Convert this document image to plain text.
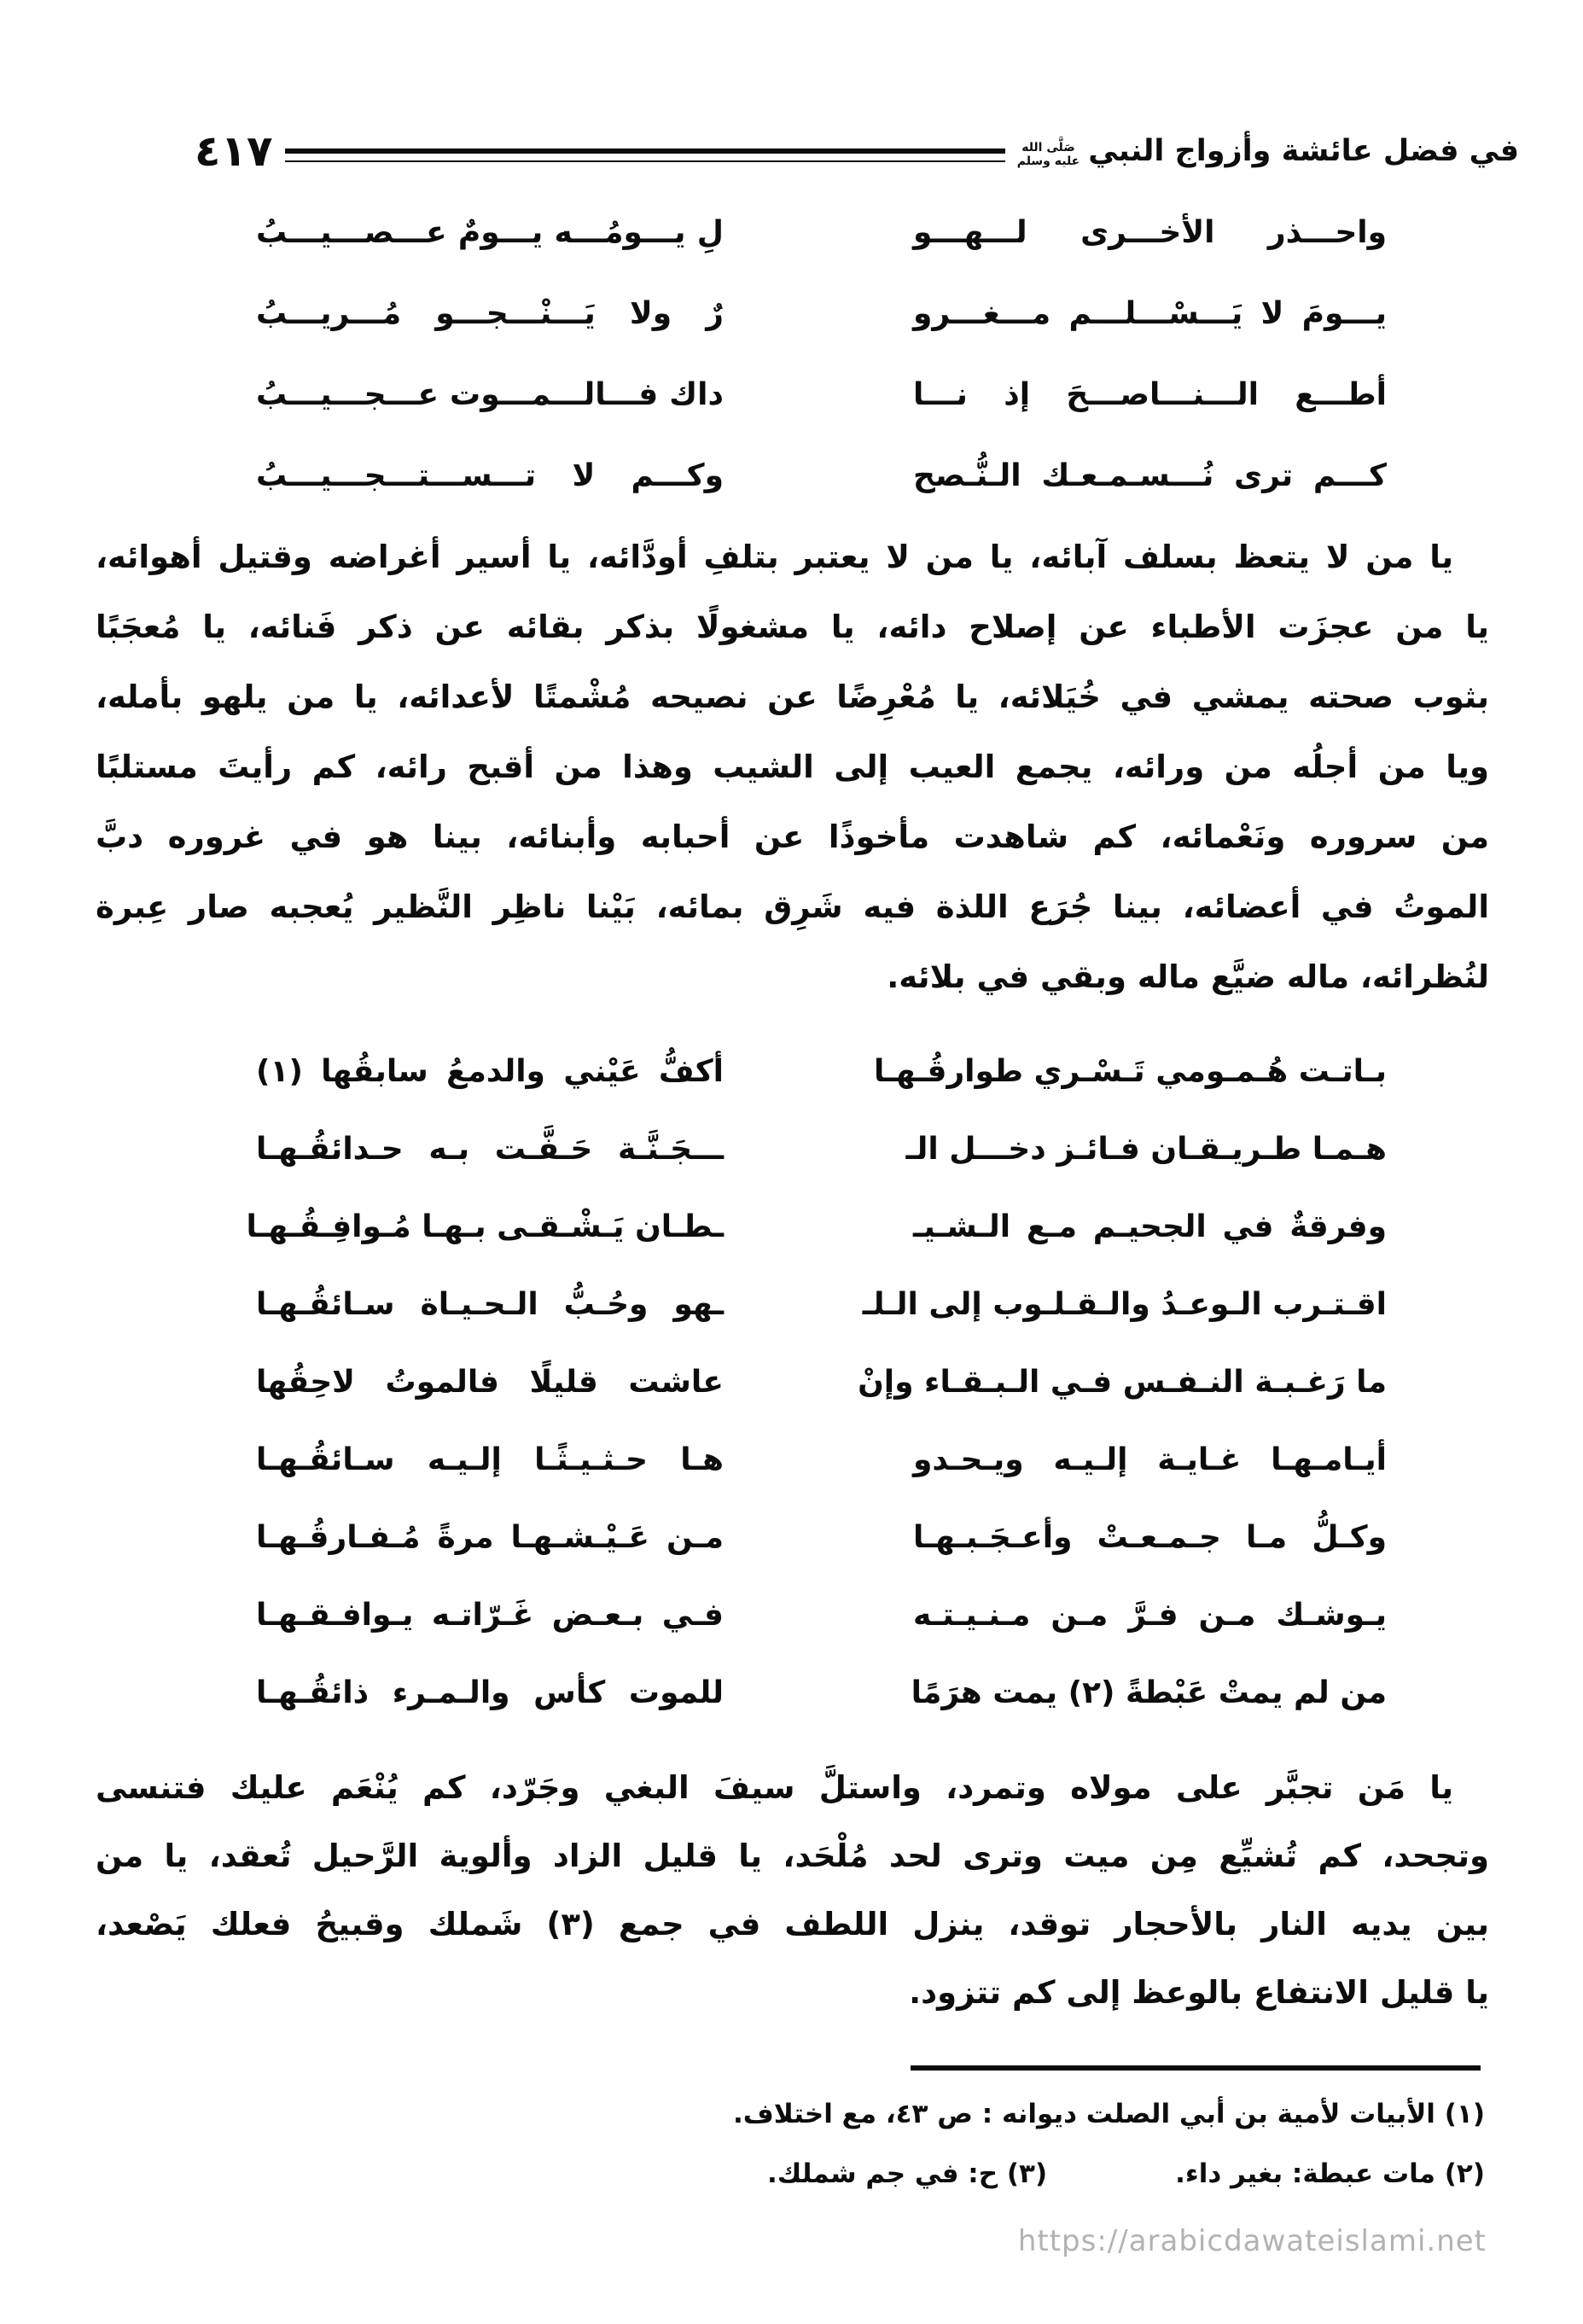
في فضل عائشة وأزواج النبي
صَلَّى الله
عليه وسلم
٤١٧
واحـــذر الأخـــرى لـــهـــو
لِ يـــومُـــه يـــومٌ عـــصـــيـــبُ
يـــومَ لا يَـــسْـــلـــم مـــغـــرو
رٌ ولا يَـــنْـــجـــو مُـــريـــبُ
أطـــع الـــنـــاصـــحَ إذ نـــا
داك فـــالـــمـــوت عـــجـــيـــبُ
كـــم ترى نُـــسـمـعـك الـنُّـصح
وكـــم لا تـــســـتـــجـــيـــبُ
يا من لا يتعظ بسلف آبائه، يا من لا يعتبر بتلفِ أودَّائه، يا أسير أغراضه وقتيل أهوائه،
يا من عجزَت الأطباء عن إصلاح دائه، يا مشغولًا بذكر بقائه عن ذكر فَنائه، يا مُعجَبًا
بثوب صحته يمشي في خُيَلائه، يا مُعْرِضًا عن نصيحه مُشْمتًا لأعدائه، يا من يلهو بأمله،
ويا من أجلُه من ورائه، يجمع العيب إلى الشيب وهذا من أقبح رائه، كم رأيتَ مستلبًا
من سروره ونَعْمائه، كم شاهدت مأخوذًا عن أحبابه وأبنائه، بينا هو في غروره دبَّ
الموتُ في أعضائه، بينا جُرَع اللذة فيه شَرِق بمائه، بَيْنا ناظِر النَّظير يُعجبه صار عِبرة
لنُظرائه، ماله ضيَّع ماله وبقي في بلائه.
بـاتـت هُـمـومي تَـسْـري طوارقُـهـا
أكفُّ عَيْني والدمعُ سابقُها (١)
هـمـا طـريـقـان فـائـز دخـــل الـ
ـــجَـنَّـة حَـفَّـت بـه حـدائقُـهـا
وفرقةٌ في الجحيـم مـع الـشـيـ
ـطـان يَـشْـقـى بـهـا مُـوافِـقُـهـا
اقـتـرب الـوعـدُ والـقـلـوب إلى الـلـ
ـهو وحُـبُّ الـحـيـاة سـائقُـهـا
ما رَغـبـة النـفـس فـي الـبـقـاء وإنْ
عاشت قليلًا فالموتُ لاحِقُها
أيـامـهـا غـايـة إلـيـه ويـحـدو
هـا حـثـيـثًـا إلـيـه سـائقُـهـا
وكـلُّ مـا جـمـعـتْ وأعـجَـبـهـا
مـن عَـيْـشـهـا مرةً مُـفـارقُـهـا
يـوشـك مـن فـرَّ مـن مـنـيـتـه
فـي بـعـض غَـرّاتـه يـوافـقـهـا
من لم يمتْ عَبْطةً (٢) يمت هرَمًا
للموت كأس والـمـرء ذائقُـهـا
يا مَن تجبَّر على مولاه وتمرد، واستلَّ سيفَ البغي وجَرّد، كم يُنْعَم عليك فتنسى
وتجحد، كم تُشيِّع مِن ميت وترى لحد مُلْحَد، يا قليل الزاد وألوية الرَّحيل تُعقد، يا من
بين يديه النار بالأحجار توقد، ينزل اللطف في جمع (٣) شَملك وقبيحُ فعلك يَصْعد،
يا قليل الانتفاع بالوعظ إلى كم تتزود.
(١) الأبيات لأمية بن أبي الصلت ديوانه : ص ٤٣، مع اختلاف.
(٢) مات عبطة: بغير داء.
(٣) ح: في جم شملك.
https://arabicdawateislami.net
